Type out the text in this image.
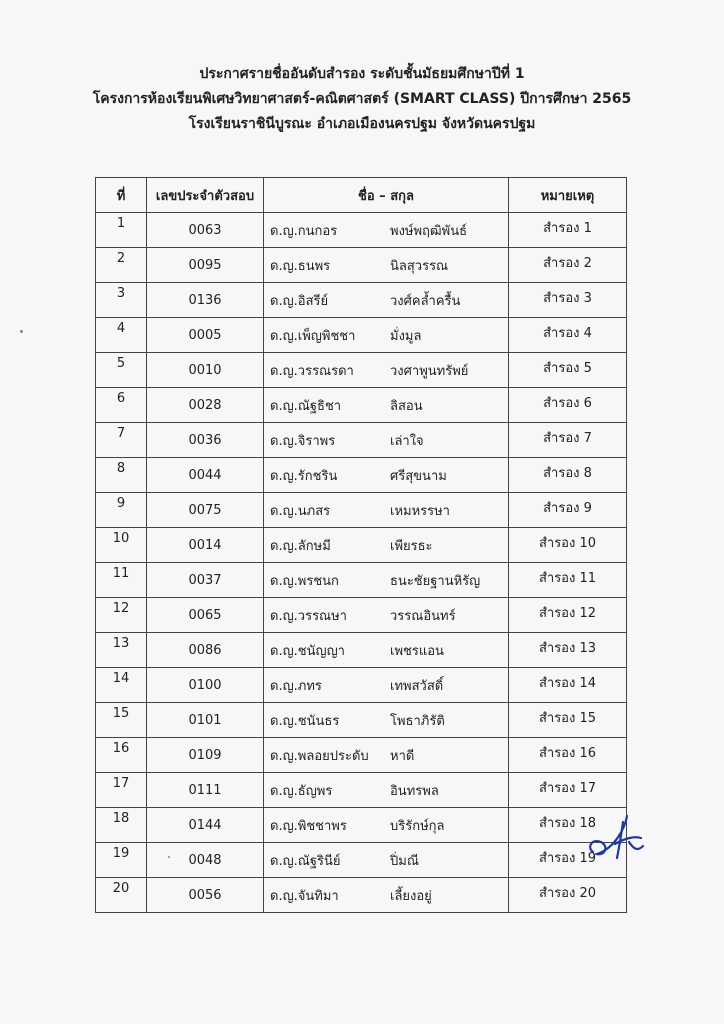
ประกาศรายชื่ออันดับสำรอง ระดับชั้นมัธยมศึกษาปีที่ 1
โครงการห้องเรียนพิเศษวิทยาศาสตร์-คณิตศาสตร์ (SMART CLASS) ปีการศึกษา 2565
โรงเรียนราชินีบูรณะ อำเภอเมืองนครปฐม จังหวัดนครปฐม
ที่	เลขประจำตัวสอบ	ชื่อ – สกุล	หมายเหตุ
1	0063	ด.ญ.กนกอร พงษ์พฤฒิพันธ์	สำรอง 1
2	0095	ด.ญ.ธนพร นิลสุวรรณ	สำรอง 2
3	0136	ด.ญ.อิสรีย์ วงศ์คล้ำครื้น	สำรอง 3
4	0005	ด.ญ.เพ็ญพิชชา มั่งมูล	สำรอง 4
5	0010	ด.ญ.วรรณรดา วงศาพูนทรัพย์	สำรอง 5
6	0028	ด.ญ.ณัฐธิชา ลิสอน	สำรอง 6
7	0036	ด.ญ.จิราพร เล่าใจ	สำรอง 7
8	0044	ด.ญ.รักชริน ศรีสุขนาม	สำรอง 8
9	0075	ด.ญ.นภสร เหมหรรษา	สำรอง 9
10	0014	ด.ญ.ลักษมี เพียรธะ	สำรอง 10
11	0037	ด.ญ.พรชนก ธนะชัยฐานหิรัญ	สำรอง 11
12	0065	ด.ญ.วรรณษา วรรณอินทร์	สำรอง 12
13	0086	ด.ญ.ชนัญญา เพชรแอน	สำรอง 13
14	0100	ด.ญ.ภทร เทพสวัสดิ์	สำรอง 14
15	0101	ด.ญ.ชนันธร โพธาภิรัติ	สำรอง 15
16	0109	ด.ญ.พลอยประดับ หาดี	สำรอง 16
17	0111	ด.ญ.ธัญพร อินทรพล	สำรอง 17
18	0144	ด.ญ.พิชชาพร บริรักษ์กุล	สำรอง 18
19	0048	ด.ญ.ณัฐรินีย์ ปิ่มณี	สำรอง 19
20	0056	ด.ญ.จันทิมา เลี้ยงอยู่	สำรอง 20
